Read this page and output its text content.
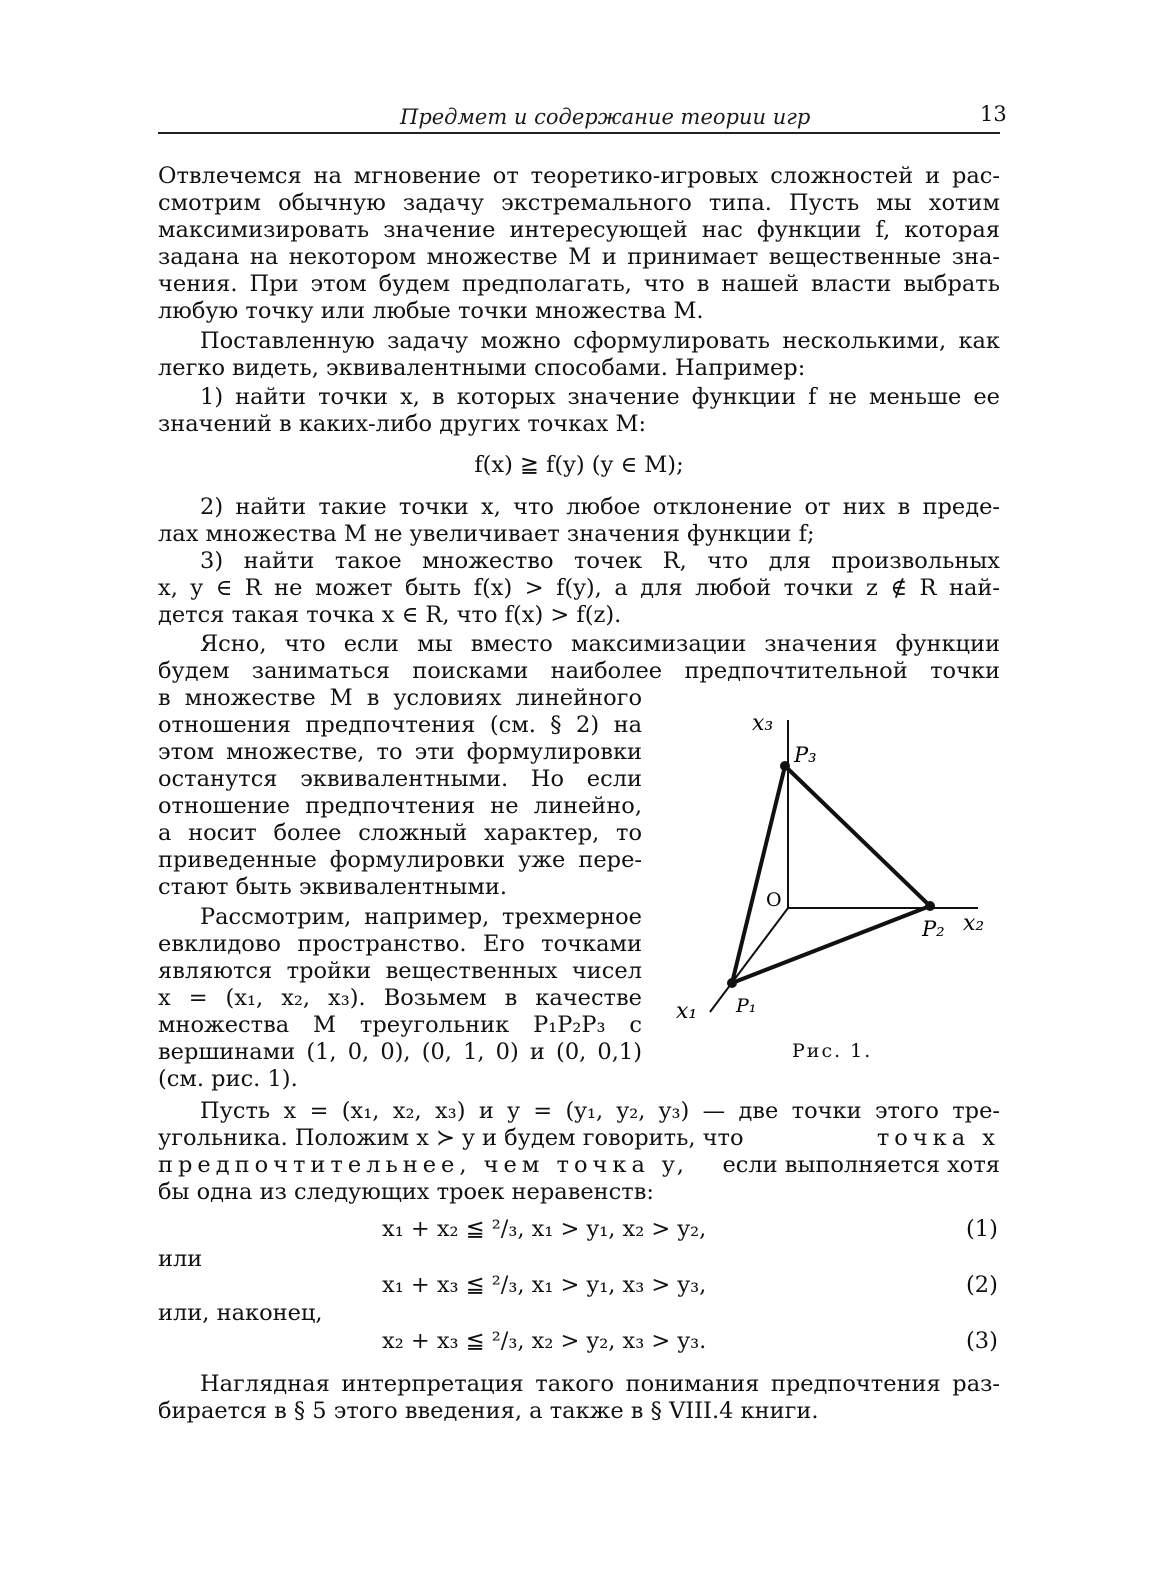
Предмет и содержание теории игр	13
Отвлечемся на мгновение от теоретико-игровых сложностей и рас-
смотрим обычную задачу экстремального типа. Пусть мы хотим
максимизировать значение интересующей нас функции f, которая
задана на некотором множестве M и принимает вещественные зна-
чения. При этом будем предполагать, что в нашей власти выбрать
любую точку или любые точки множества M.
Поставленную задачу можно сформулировать несколькими, как
легко видеть, эквивалентными способами. Например:
1) найти точки x, в которых значение функции f не меньше ее
значений в каких-либо других точках M:
f(x) ≧ f(y) (y ∈ M);
2) найти такие точки x, что любое отклонение от них в преде-
лах множества M не увеличивает значения функции f;
3) найти такое множество точек R, что для произвольных
x, y ∈ R не может быть f(x) > f(y), а для любой точки z ∉ R най-
дется такая точка x ∈ R, что f(x) > f(z).
Ясно, что если мы вместо максимизации значения функции
будем заниматься поисками наиболее предпочтительной точки
в множестве M в условиях линейного
отношения предпочтения (см. § 2) на
этом множестве, то эти формулировки
останутся эквивалентными. Но если
отношение предпочтения не линейно,
а носит более сложный характер, то
приведенные формулировки уже пере-
стают быть эквивалентными.
Рассмотрим, например, трехмерное
евклидово пространство. Его точками
являются тройки вещественных чисел
x = (x₁, x₂, x₃). Возьмем в качестве
множества M треугольник P₁P₂P₃ с
вершинами (1, 0, 0), (0, 1, 0) и (0, 0,1)
(см. рис. 1).
x₃
P₃
O
P₂ x₂
x₁ P₁
Рис. 1.
Пусть x = (x₁, x₂, x₃) и y = (y₁, y₂, y₃) — две точки этого тре-
угольника. Положим x ≻ y и будем говорить, что	точка x
предпочтительнее, чем точка y, если выполняется хотя
бы одна из следующих троек неравенств:
x₁ + x₂ ≦ ²/₃, x₁ > y₁, x₂ > y₂,	(1)
или
x₁ + x₃ ≦ ²/₃, x₁ > y₁, x₃ > y₃,	(2)
или, наконец,
x₂ + x₃ ≦ ²/₃, x₂ > y₂, x₃ > y₃.	(3)
Наглядная интерпретация такого понимания предпочтения раз-
бирается в § 5 этого введения, а также в § VIII.4 книги.
